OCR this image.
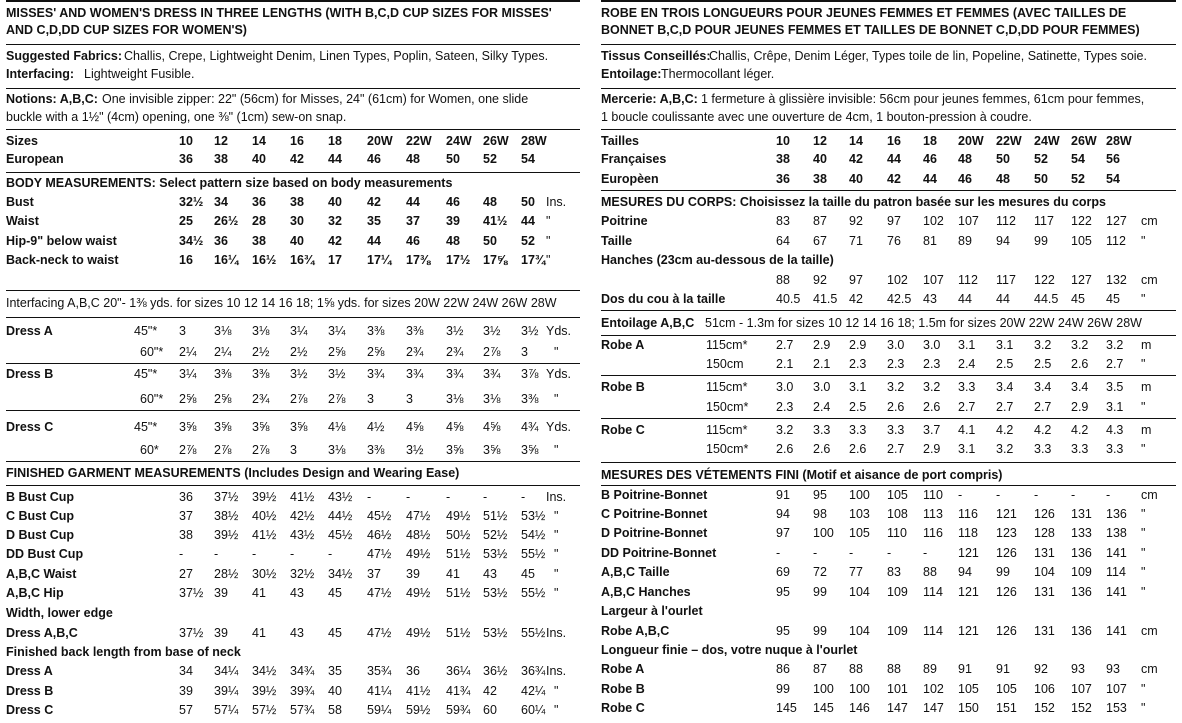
MISSES' AND WOMEN'S DRESS IN THREE LENGTHS (WITH B,C,D CUP SIZES FOR MISSES' AND C,D,DD CUP SIZES FOR WOMEN'S)
Suggested Fabrics: Challis, Crepe, Lightweight Denim, Linen Types, Poplin, Sateen, Silky Types.
Interfacing: Lightweight Fusible.
Notions: A,B,C: One invisible zipper: 22" (56cm) for Misses, 24" (61cm) for Women, one slide
buckle with a 1½" (4cm) opening, one ⅜" (1cm) sew-on snap.
Sizes	10 12 14 16 18 20W 22W 24W 26W 28W
European	36 38 40 42 44 46 48 50 52 54
BODY MEASUREMENTS: Select pattern size based on body measurements
Bust	32½ 34 36 38 40 42 44 46 48 50 Ins.
Waist	25 26½ 28 30 32 35 37 39 41½ 44 "
Hip-9" below waist	34½ 36 38 40 42 44 46 48 50 52 "
Back-neck to waist	16 16¼ 16½ 16¾ 17 17¼ 17⅜ 17½ 17⅝ 17¾ "
Interfacing A,B,C 20"- 1⅜ yds. for sizes 10 12 14 16 18; 1⅝ yds. for sizes 20W 22W 24W 26W 28W
Dress A	45"* 3 3⅛ 3⅛ 3¼ 3¼ 3⅜ 3⅜ 3½ 3½ 3½ Yds.
60"* 2¼ 2¼ 2½ 2½ 2⅝ 2⅝ 2¾ 2¾ 2⅞ 3 "
Dress B	45"* 3¼ 3⅜ 3⅜ 3½ 3½ 3¾ 3¾ 3¾ 3¾ 3⅞ Yds.
60"* 2⅝ 2⅝ 2¾ 2⅞ 2⅞ 3	3	3⅛ 3⅛ 3⅜ "
Dress C	45"* 3⅝ 3⅝ 3⅝ 3⅝ 4⅛ 4½ 4⅝ 4⅝ 4⅝ 4¾ Yds.
60* 2⅞ 2⅞ 2⅞ 3 3⅛ 3⅜ 3½ 3⅝ 3⅝ 3⅝ "
FINISHED GARMENT MEASUREMENTS (Includes Design and Wearing Ease)
B Bust Cup	36 37½ 39½ 41½ 43½ -	-	-	-	- Ins.
C Bust Cup	37 38½ 40½ 42½ 44½ 45½ 47½ 49½ 51½ 53½ "
D Bust Cup	38 39½ 41½ 43½ 45½ 46½ 48½ 50½ 52½ 54½ "
DD Bust Cup	- -	-	-	-	47½ 49½ 51½ 53½ 55½ "
A,B,C Waist	27 28½ 30½ 32½ 34½ 37 39 41 43 45 "
A,B,C Hip	37½ 39 41 43 45 47½ 49½ 51½ 53½ 55½ "
Width, lower edge
Dress A,B,C	37½ 39 41 43 45 47½ 49½ 51½ 53½ 55½ Ins.
Finished back length from base of neck
Dress A	34 34¼ 34½ 34¾ 35 35¾ 36 36¼ 36½ 36¾ Ins.
Dress B	39 39¼ 39½ 39¾ 40 41¼ 41½ 41¾ 42 42¼ "
Dress C	57 57¼ 57½ 57¾ 58 59¼ 59½ 59¾ 60 60¼ "
ROBE EN TROIS LONGUEURS POUR JEUNES FEMMES ET FEMMES (AVEC TAILLES DE BONNET B,C,D POUR JEUNES FEMMES ET TAILLES DE BONNET C,D,DD POUR FEMMES)
Tissus Conseillés:
Challis, Crêpe, Denim Léger, Types toile de lin, Popeline, Satinette, Types soie.
Entoilage: Thermocollant léger.
Mercerie: A,B,C: 1 fermeture à glissière invisible: 56cm pour jeunes femmes, 61cm pour femmes,
1 boucle coulissante avec une ouverture de 4cm, 1 bouton-pression à coudre.
Tailles	10 12 14 16 18 20W 22W 24W 26W 28W
Françaises	38 40 42 44 46 48 50 52 54 56
Europèen	36 38 40 42 44 46 48 50 52 54
MESURES DU CORPS: Choisissez la taille du patron basée sur les mesures du corps
Poitrine	83 87 92 97 102 107 112 117 122 127 cm
Taille	64 67 71 76 81 89 94 99 105 112 "
Hanches (23cm au-dessous de la taille)
88 92 97 102 107 112 117 122 127 132 cm
Dos du cou à la taille	40.5 41.5 42 42.5 43 44 44 44.5 45 45 "
Entoilage A,B,C 51cm - 1.3m for sizes 10 12 14 16 18; 1.5m for sizes 20W 22W 24W 26W 28W
Robe A	115cm* 2.7 2.9 2.9 3.0 3.0 3.1 3.1 3.2 3.2 3.2 m
150cm	2.1 2.1 2.3 2.3 2.3 2.4 2.5 2.5 2.6 2.7 "
Robe B	115cm* 3.0 3.0 3.1 3.2 3.2 3.3 3.4 3.4 3.4 3.5 m
150cm* 2.3 2.4 2.5 2.6 2.6 2.7 2.7 2.7 2.9 3.1 "
Robe C	115cm* 3.2 3.3 3.3 3.3 3.7 4.1 4.2 4.2 4.2 4.3 m
150cm* 2.6 2.6 2.6 2.7 2.9 3.1 3.2 3.3 3.3 3.3 "
MESURES DES VÉTEMENTS FINI (Motif et aisance de port compris)
B Poitrine-Bonnet	91 95 100 105 110 -	-	-	- - cm
C Poitrine-Bonnet	94 98 103 108 113 116 121 126 131 136 "
D Poitrine-Bonnet	97 100 105 110 116 118 123 128 133 138 "
DD Poitrine-Bonnet	-	-	-	-	- 121 126 131 136 141 "
A,B,C Taille	69 72 77 83 88 94 99 104 109 114 "
A,B,C Hanches	95 99 104 109 114 121 126 131 136 141 "
Largeur à l'ourlet
Robe A,B,C	95 99 104 109 114 121 126 131 136 141 cm
Longueur finie – dos, votre nuque à l'ourlet
Robe A	86 87 88 88 89 91 91 92 93 93 cm
Robe B	99 100 100 101 102 105 105 106 107 107 "
Robe C	145 145 146 147 147 150 151 152 152 153 "
